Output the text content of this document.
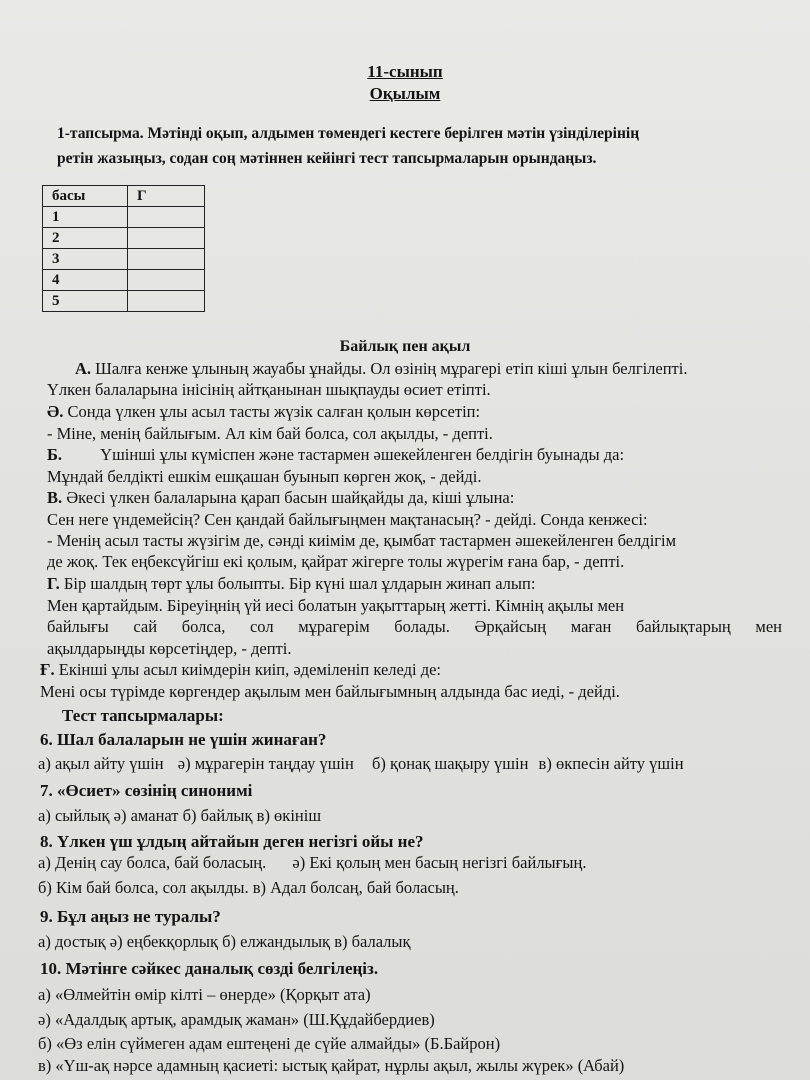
11-сынып
Оқылым
1-тапсырма. Мәтінді оқып, алдымен төмендегі кестеге берілген мәтін үзінділерінің
ретін жазыңыз, содан соң мәтіннен кейінгі тест тапсырмаларын орындаңыз.
басы	Г
1	
2	
3	
4	
5	
Байлық пен ақыл
А. Шалға кенже ұлының жауабы ұнайды. Ол өзінің мұрагері етіп кіші ұлын белгілепті.
Үлкен балаларына інісінің айтқанынан шықпауды өсиет етіпті.
Ә. Сонда үлкен ұлы асыл тасты жүзік салған қолын көрсетіп:
- Міне, менің байлығым. Ал кім бай болса, сол ақылды, - депті.
Б. Үшінші ұлы күміспен және тастармен әшекейленген белдігін буынады да:
Мұндай белдікті ешкім ешқашан буынып көрген жоқ, - дейді.
В. Әкесі үлкен балаларына қарап басын шайқайды да, кіші ұлына:
Сен неге үндемейсің? Сен қандай байлығыңмен мақтанасың? - дейді. Сонда кенжесі:
- Менің асыл тасты жүзігім де, сәнді киімім де, қымбат тастармен әшекейленген белдігім
де жоқ. Тек еңбексүйгіш екі қолым, қайрат жігерге толы жүрегім ғана бар, - депті.
Г. Бір шалдың төрт ұлы болыпты. Бір күні шал ұлдарын жинап алып:
Мен қартайдым. Біреуіңнің үй иесі болатын уақыттарың жетті. Кімнің ақылы мен
байлығы сай болса, сол мұрагерім болады. Әрқайсың маған байлықтарың мен
ақылдарыңды көрсетіңдер, - депті.
Ғ. Екінші ұлы асыл киімдерін киіп, әдемiленіп келеді де:
Мені осы түрімде көргендер ақылым мен байлығымның алдында бас иеді, - дейді.
Тест тапсырмалары:
6. Шал балаларын не үшін жинаған?
а) ақыл айту үшін ә) мұрагерін таңдау үшін б) қонақ шақыру үшін в) өкпесін айту үшін
7. «Өсиет» сөзінің синонимі
а) сыйлық ә) аманат б) байлық в) өкініш
8. Үлкен үш ұлдың айтайын деген негізгі ойы не?
а) Денің сау болса, бай боласың. ә) Екі қолың мен басың негізгі байлығың.
б) Кім бай болса, сол ақылды. в) Адал болсаң, бай боласың.
9. Бұл аңыз не туралы?
а) достық ә) еңбекқорлық б) елжандылық в) балалық
10. Мәтінге сәйкес даналық сөзді белгілеңіз.
а) «Өлмейтін өмір кілті – өнерде» (Қорқыт ата)
ә) «Адалдық артық, арамдық жаман» (Ш.Құдайбердиев)
б) «Өз елін сүймеген адам ештеңені де сүйе алмайды» (Б.Байрон)
в) «Үш-ақ нәрсе адамның қасиеті: ыстық қайрат, нұрлы ақыл, жылы жүрек» (Абай)
